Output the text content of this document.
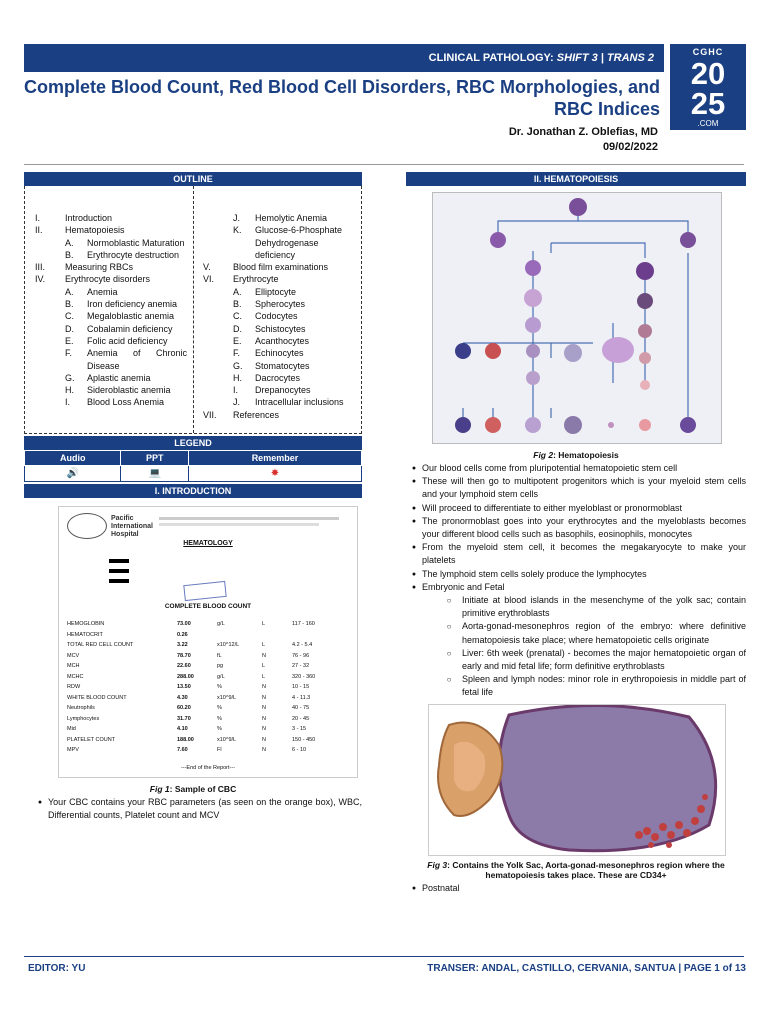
CLINICAL PATHOLOGY: SHIFT 3 | TRANS 2	CGHC
20
25
.COM
Complete Blood Count, Red Blood Cell Disorders, RBC Morphologies, and RBC Indices
Dr. Jonathan Z. Oblefias, MD
09/02/2022
OUTLINE
I.	Introduction
II.	Hematopoiesis
A.	Normoblastic Maturation
B.	Erythrocyte destruction
III.	Measuring RBCs
IV.	Erythrocyte disorders
A.	Anemia
B.	Iron deficiency anemia
C.	Megaloblastic anemia
D.	Cobalamin deficiency
E.	Folic acid deficiency
F.	Anemia of Chronic Disease
G.	Aplastic anemia
H.	Sideroblastic anemia
I.	Blood Loss Anemia
J.	Hemolytic Anemia
K.	Glucose-6-Phosphate Dehydrogenase deficiency
V.	Blood film examinations
VI.	Erythrocyte
A.	Elliptocyte
B.	Spherocytes
C.	Codocytes
D.	Schistocytes
E.	Acanthocytes
F.	Echinocytes
G.	Stomatocytes
H.	Dacrocytes
I.	Drepanocytes
J.	Intracellular inclusions
VII.	References
LEGEND
Audio	PPT	Remember
🔊	💻	✸
I. INTRODUCTION
Pacific International Hospital
HEMATOLOGY
COMPLETE BLOOD COUNT
HEMOGLOBIN	73.00	g/L	L	117 - 160
HEMATOCRIT	0.26
TOTAL RED CELL COUNT	3.22	x10^12/L	L	4.2 - 5.4
MCV	78.70	fL	N	76 - 96
MCH	22.60	pg	L	27 - 32
MCHC	288.00	g/L	L	320 - 360
RDW	13.50	%	N	10 - 15
WHITE BLOOD COUNT	4.30	x10^9/L	N	4 - 11.3
Neutrophils	60.20	%	N	40 - 75
Lymphocytes	31.70	%	N	20 - 45
Mid	4.10	%	N	3 - 15
PLATELET COUNT	188.00	x10^9/L	N	150 - 450
MPV	7.60	Fl	N	6 - 10
---End of the Report---
Fig 1: Sample of CBC
● Your CBC contains your RBC parameters (as seen on the orange box), WBC, Differential counts, Platelet count and MCV
II. HEMATOPOIESIS
Fig 2: Hematopoiesis
● Our blood cells come from pluripotential hematopoietic stem cell
● These will then go to multipotent progenitors which is your myeloid stem cells and your lymphoid stem cells
● Will proceed to differentiate to either myeloblast or pronormoblast
● The pronormoblast goes into your erythrocytes and the myeloblasts becomes your different blood cells such as basophils, eosinophils, monocytes
● From the myeloid stem cell, it becomes the megakaryocyte to make your platelets
● The lymphoid stem cells solely produce the lymphocytes
● Embryonic and Fetal
○	Initiate at blood islands in the mesenchyme of the yolk sac; contain primitive erythroblasts
○	Aorta-gonad-mesonephros region of the embryo: where definitive hematopoiesis take place; where hematopoietic cells originate
○	Liver: 6th week (prenatal) - becomes the major hematopoietic organ of early and mid fetal life; form definitive erythroblasts
○	Spleen and lymph nodes: minor role in erythropoiesis in middle part of fetal life
Fig 3: Contains the Yolk Sac, Aorta-gonad-mesonephros region where the hematopoiesis takes place. These are CD34+
● Postnatal
EDITOR: YU	TRANSER: ANDAL, CASTILLO, CERVANIA, SANTUA | PAGE 1 of 13
